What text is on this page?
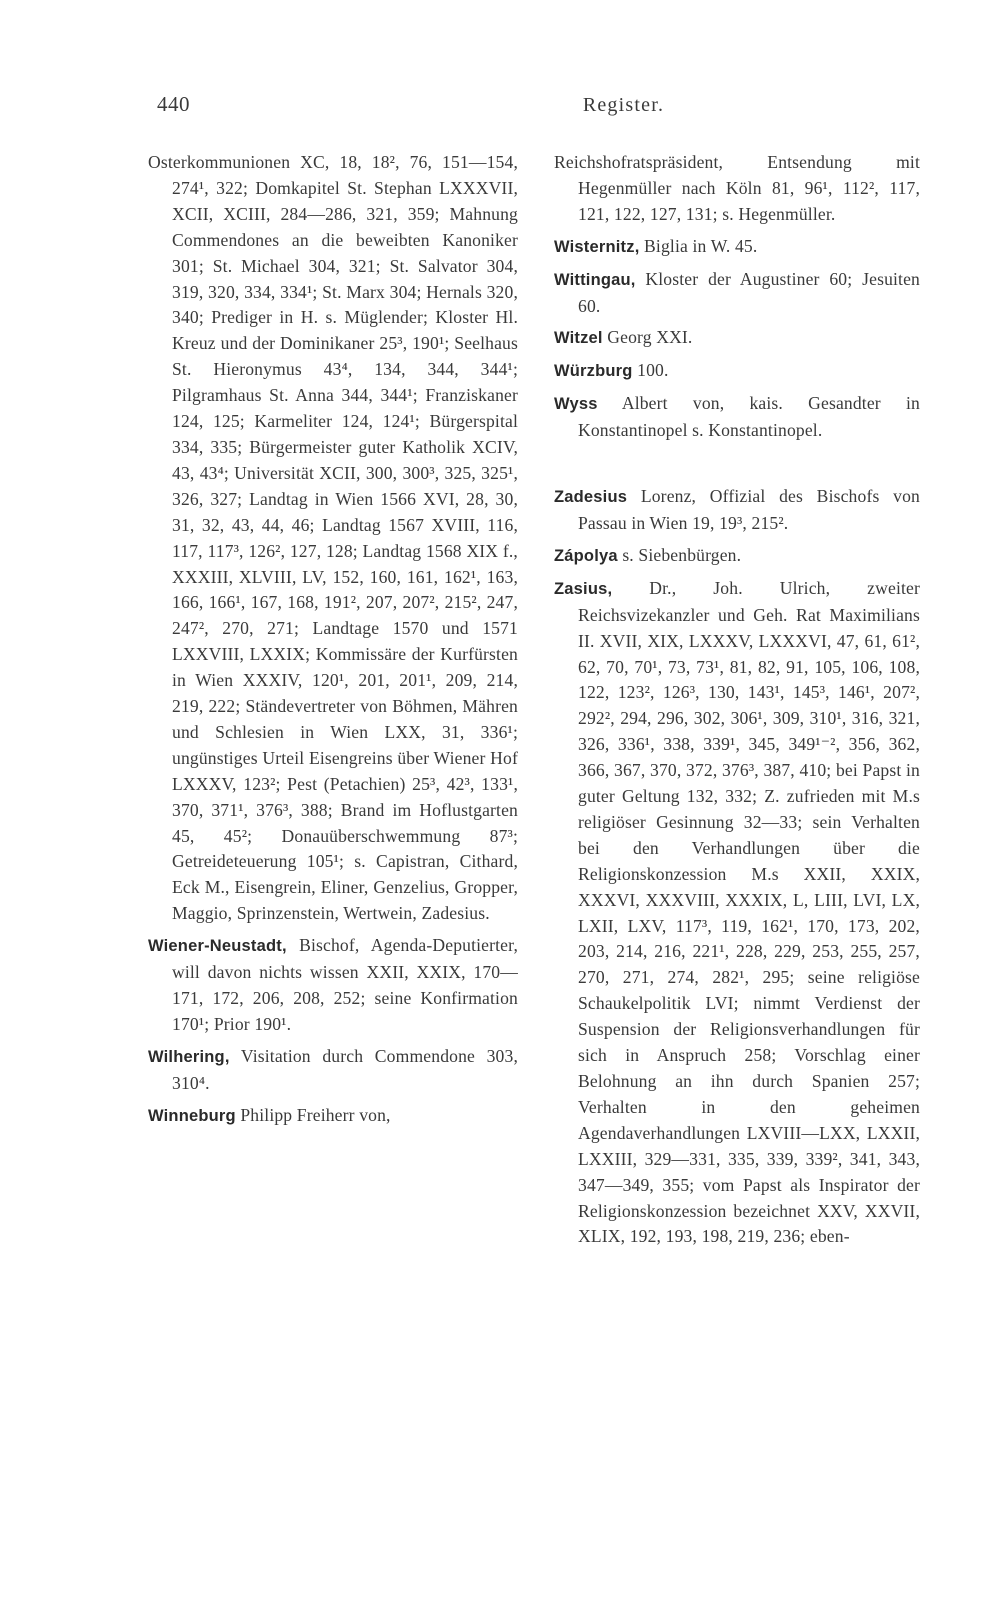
440	Register.

Osterkommunionen XC, 18, 18², 76, 151—154, 274¹, 322; Domkapitel St. Stephan LXXXVII, XCII, XCIII, 284—286, 321, 359; Mahnung Commendones an die beweibten Kanoniker 301; St. Michael 304, 321; St. Salvator 304, 319, 320, 334, 334¹; St. Marx 304; Hernals 320, 340; Prediger in H. s. Müglender; Kloster Hl. Kreuz und der Dominikaner 25³, 190¹; Seelhaus St. Hieronymus 43⁴, 134, 344, 344¹; Pilgramhaus St. Anna 344, 344¹; Franziskaner 124, 125; Karmeliter 124, 124¹; Bürgerspital 334, 335; Bürgermeister guter Katholik XCIV, 43, 43⁴; Universität XCII, 300, 300³, 325, 325¹, 326, 327; Landtag in Wien 1566 XVI, 28, 30, 31, 32, 43, 44, 46; Landtag 1567 XVIII, 116, 117, 117³, 126², 127, 128; Landtag 1568 XIX f., XXXIII, XLVIII, LV, 152, 160, 161, 162¹, 163, 166, 166¹, 167, 168, 191², 207, 207², 215², 247, 247², 270, 271; Landtage 1570 und 1571 LXXVIII, LXXIX; Kommissäre der Kurfürsten in Wien XXXIV, 120¹, 201, 201¹, 209, 214, 219, 222; Ständevertreter von Böhmen, Mähren und Schlesien in Wien LXX, 31, 336¹; ungünstiges Urteil Eisengreins über Wiener Hof LXXXV, 123²; Pest (Petachien) 25³, 42³, 133¹, 370, 371¹, 376³, 388; Brand im Hoflustgarten 45, 45²; Donauüberschwemmung 87³; Getreideteuerung 105¹; s. Capistran, Cithard, Eck M., Eisengrein, Eliner, Genzelius, Gropper, Maggio, Sprinzenstein, Wertwein, Zadesius.

Wiener-Neustadt, Bischof, Agenda-Deputierter, will davon nichts wissen XXII, XXIX, 170—171, 172, 206, 208, 252; seine Konfirmation 170¹; Prior 190¹.

Wilhering, Visitation durch Commendone 303, 310⁴.

Winneburg Philipp Freiherr von,

Reichshofratspräsident, Entsendung mit Hegenmüller nach Köln 81, 96¹, 112², 117, 121, 122, 127, 131; s. Hegenmüller.

Wisternitz, Biglia in W. 45.

Wittingau, Kloster der Augustiner 60; Jesuiten 60.

Witzel Georg XXI.

Würzburg 100.

Wyss Albert von, kais. Gesandter in Konstantinopel s. Konstantinopel.

Zadesius Lorenz, Offizial des Bischofs von Passau in Wien 19, 19³, 215².

Zápolya s. Siebenbürgen.

Zasius, Dr., Joh. Ulrich, zweiter Reichsvizekanzler und Geh. Rat Maximilians II. XVII, XIX, LXXXV, LXXXVI, 47, 61, 61², 62, 70, 70¹, 73, 73¹, 81, 82, 91, 105, 106, 108, 122, 123², 126³, 130, 143¹, 145³, 146¹, 207², 292², 294, 296, 302, 306¹, 309, 310¹, 316, 321, 326, 336¹, 338, 339¹, 345, 349¹⁻², 356, 362, 366, 367, 370, 372, 376³, 387, 410; bei Papst in guter Geltung 132, 332; Z. zufrieden mit M.s religiöser Gesinnung 32—33; sein Verhalten bei den Verhandlungen über die Religionskonzession M.s XXII, XXIX, XXXVI, XXXVIII, XXXIX, L, LIII, LVI, LX, LXII, LXV, 117³, 119, 162¹, 170, 173, 202, 203, 214, 216, 221¹, 228, 229, 253, 255, 257, 270, 271, 274, 282¹, 295; seine religiöse Schaukelpolitik LVI; nimmt Verdienst der Suspension der Religionsverhandlungen für sich in Anspruch 258; Vorschlag einer Belohnung an ihn durch Spanien 257; Verhalten in den geheimen Agendaverhandlungen LXVIII—LXX, LXXII, LXXIII, 329—331, 335, 339, 339², 341, 343, 347—349, 355; vom Papst als Inspirator der Religionskonzession bezeichnet XXV, XXVII, XLIX, 192, 193, 198, 219, 236; eben-
